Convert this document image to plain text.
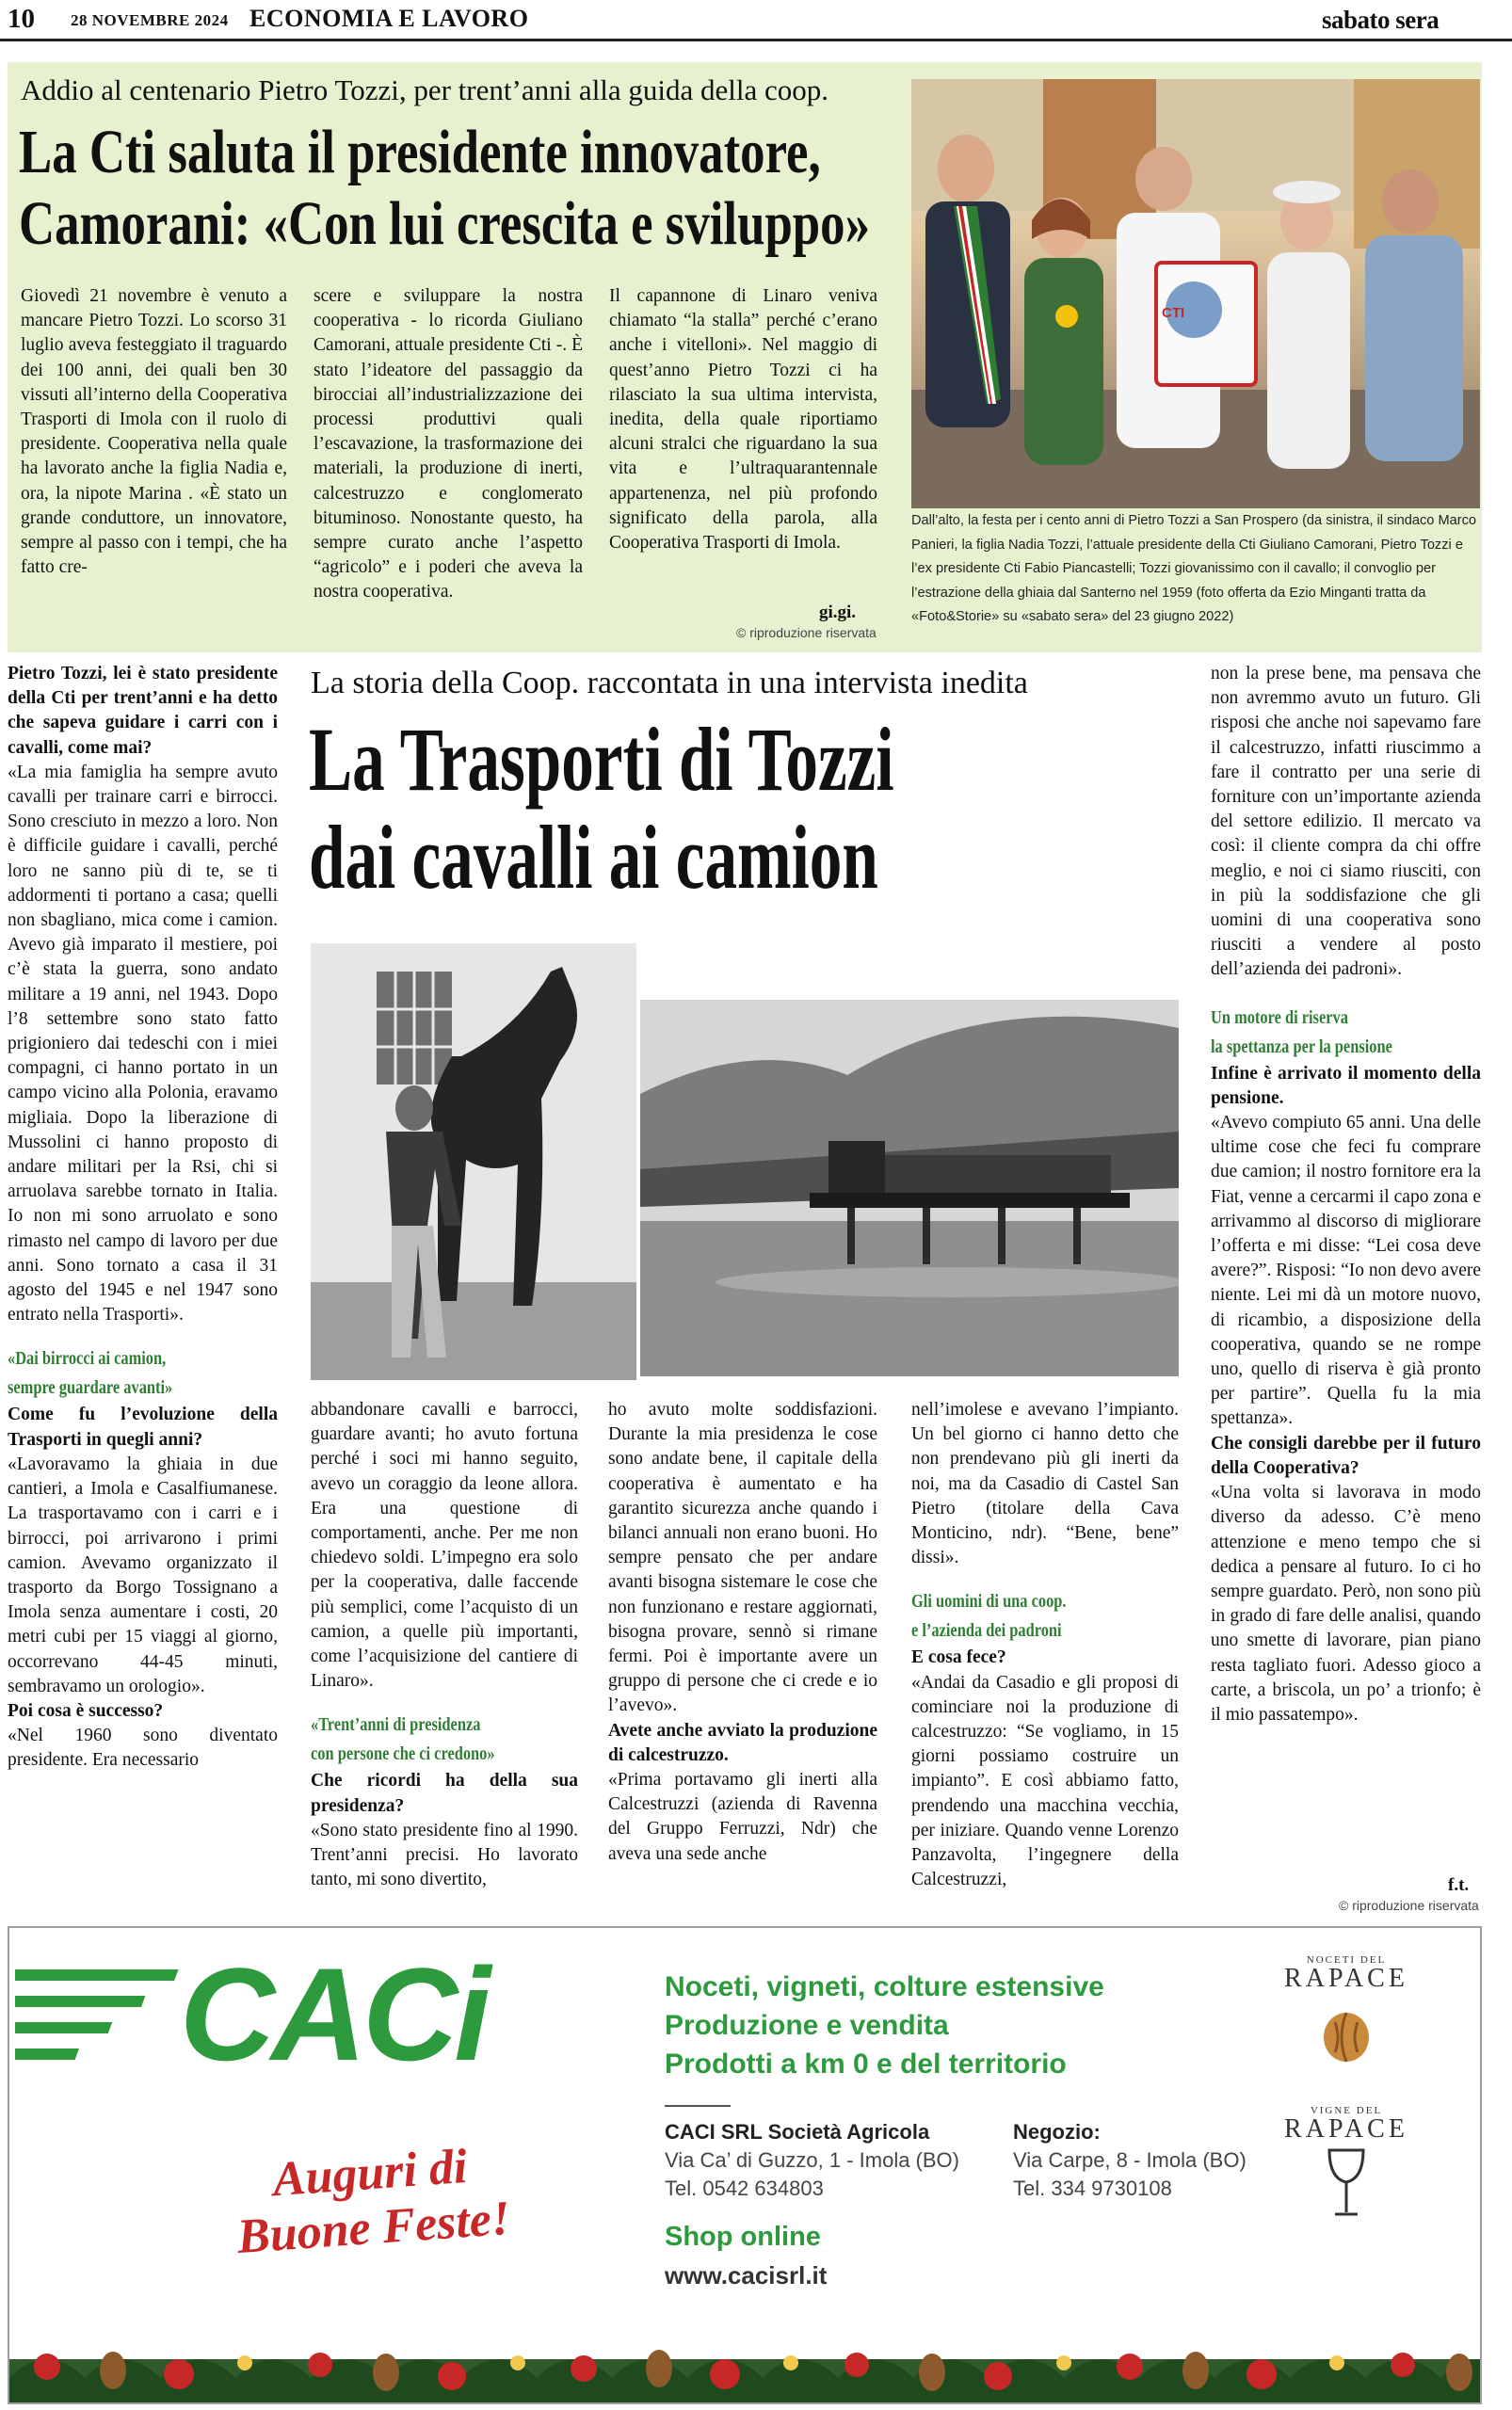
10 28 NOVEMBRE 2024 ECONOMIA E LAVORO	sabato sera
Addio al centenario Pietro Tozzi, per trent’anni alla guida della coop.
La Cti saluta il presidente innovatore,
Camorani: «Con lui crescita e sviluppo»
Giovedì 21 novembre è venuto a mancare Pietro Tozzi. Lo scorso 31 luglio aveva festeggiato il traguardo dei 100 anni, dei quali ben 30 vissuti all’interno della Cooperativa Trasporti di Imola con il ruolo di presidente. Cooperativa nella quale ha lavorato anche la figlia Nadia e, ora, la nipote Marina . «È stato un grande conduttore, un innovatore, sempre al passo con i tempi, che ha fatto cre-
scere e sviluppare la nostra cooperativa - lo ricorda Giuliano Camorani, attuale presidente Cti -. È stato l’ideatore del passaggio da birocciai all’industrializzazione dei processi produttivi quali l’escavazione, la trasformazione dei materiali, la produzione di inerti, calcestruzzo e conglomerato bituminoso. Nonostante questo, ha sempre curato anche l’aspetto “agricolo” e i poderi che aveva la nostra cooperativa.
Il capannone di Linaro veniva chiamato “la stalla” perché c’erano anche i vitelloni». Nel maggio di quest’anno Pietro Tozzi ci ha rilasciato la sua ultima intervista, inedita, della quale riportiamo alcuni stralci che riguardano la sua vita e l’ultraquarantennale appartenenza, nel più profondo significato della parola, alla Cooperativa Trasporti di Imola.
gi.gi.
© riproduzione riservata
CTI
Dall’alto, la festa per i cento anni di Pietro Tozzi a San Prospero (da sinistra, il sindaco Marco Panieri, la figlia Nadia Tozzi, l’attuale presidente della Cti Giuliano Camorani, Pietro Tozzi e l’ex presidente Cti Fabio Piancastelli; Tozzi giovanissimo con il cavallo; il convoglio per l’estrazione della ghiaia dal Santerno nel 1959 (foto offerta da Ezio Minganti tratta da «Foto&Storie» su «sabato sera» del 23 giugno 2022)

Pietro Tozzi, lei è stato presidente della Cti per trent’anni e ha detto che sapeva guidare i carri con i cavalli, come mai?

«La mia famiglia ha sempre avuto cavalli per trainare carri e birrocci. Sono cresciuto in mezzo a loro. Non è difficile guidare i cavalli, perché loro ne sanno più di te, se ti addormenti ti portano a casa; quelli non sbagliano, mica come i camion. Avevo già imparato il mestiere, poi c’è stata la guerra, sono andato militare a 19 anni, nel 1943. Dopo l’8 settembre sono stato fatto prigioniero dai tedeschi con i miei compagni, ci hanno portato in un campo vicino alla Polonia, eravamo migliaia. Dopo la liberazione di Mussolini ci hanno proposto di andare militari per la Rsi, chi si arruolava sarebbe tornato in Italia. Io non mi sono arruolato e sono rimasto nel campo di lavoro per due anni. Sono tornato a casa il 31 agosto del 1945 e nel 1947 sono entrato nella Trasporti».

«Dai birrocci ai camion,
sempre guardare avanti»

Come fu l’evoluzione della Trasporti in quegli anni?

«Lavoravamo la ghiaia in due cantieri, a Imola e Casalfiumanese. La trasportavamo con i carri e i birrocci, poi arrivarono i primi camion. Avevamo organizzato il trasporto da Borgo Tossignano a Imola senza aumentare i costi, 20 metri cubi per 15 viaggi al giorno, occorrevano 44-45 minuti, sembravamo un orologio».

Poi cosa è successo?

«Nel 1960 sono diventato presidente. Era necessario

La storia della Coop. raccontata in una intervista inedita
La Trasporti di Tozzi
dai cavalli ai camion

abbandonare cavalli e barrocci, guardare avanti; ho avuto fortuna perché i soci mi hanno seguito, avevo un coraggio da leone allora. Era una questione di comportamenti, anche. Per me non chiedevo soldi. L’impegno era solo per la cooperativa, dalle faccende più semplici, come l’acquisto di un camion, a quelle più importanti, come l’acquisizione del cantiere di Linaro».

«Trent’anni di presidenza
con persone che ci credono»

Che ricordi ha della sua presidenza?

«Sono stato presidente fino al 1990. Trent’anni precisi. Ho lavorato tanto, mi sono divertito,

ho avuto molte soddisfazioni. Durante la mia presidenza le cose sono andate bene, il capitale della cooperativa è aumentato e ha garantito sicurezza anche quando i bilanci annuali non erano buoni. Ho sempre pensato che per andare avanti bisogna sistemare le cose che non funzionano e restare aggiornati, bisogna provare, sennò si rimane fermi. Poi è importante avere un gruppo di persone che ci crede e io l’avevo».

Avete anche avviato la produzione di calcestruzzo.

«Prima portavamo gli inerti alla Calcestruzzi (azienda di Ravenna del Gruppo Ferruzzi, Ndr) che aveva una sede anche

nell’imolese e avevano l’impianto. Un bel giorno ci hanno detto che non prendevano più gli inerti da noi, ma da Casadio di Castel San Pietro (titolare della Cava Monticino, ndr). “Bene, bene” dissi».

Gli uomini di una coop.
e l’azienda dei padroni

E cosa fece?

«Andai da Casadio e gli proposi di cominciare noi la produzione di calcestruzzo: “Se vogliamo, in 15 giorni possiamo costruire un impianto”. E così abbiamo fatto, prendendo una macchina vecchia, per iniziare. Quando venne Lorenzo Panzavolta, l’ingegnere della Calcestruzzi,

non la prese bene, ma pensava che non avremmo avuto un futuro. Gli risposi che anche noi sapevamo fare il calcestruzzo, infatti riuscimmo a fare il contratto per una serie di forniture con un’importante azienda del settore edilizio. Il mercato va così: il cliente compra da chi offre meglio, e noi ci siamo riusciti, con in più la soddisfazione che gli uomini di una cooperativa sono riusciti a vendere al posto dell’azienda dei padroni».

Un motore di riserva
la spettanza per la pensione

Infine è arrivato il momento della pensione.

«Avevo compiuto 65 anni. Una delle ultime cose che feci fu comprare due camion; il nostro fornitore era la Fiat, venne a cercarmi il capo zona e arrivammo al discorso di migliorare l’offerta e mi disse: “Lei cosa deve avere?”. Risposi: “Io non devo avere niente. Lei mi dà un motore nuovo, di ricambio, a disposizione della cooperativa, quando se ne rompe uno, quello di riserva è già pronto per partire”. Quella fu la mia spettanza».

Che consigli darebbe per il futuro della Cooperativa?

«Una volta si lavorava in modo diverso da adesso. C’è meno attenzione e meno tempo che si dedica a pensare al futuro. Io ci ho sempre guardato. Però, non sono più in grado di fare delle analisi, quando uno smette di lavorare, pian piano resta tagliato fuori. Adesso gioco a carte, a briscola, un po’ a trionfo; è il mio passatempo».

f.t.
© riproduzione riservata
CACi
Auguri di
Buone Feste!
Noceti, vigneti, colture estensive
Produzione e vendita
Prodotti a km 0 e del territorio
CACI SRL Società Agricola
Via Ca’ di Guzzo, 1 - Imola (BO)
Tel. 0542 634803
Negozio:
Via Carpe, 8 - Imola (BO)
Tel. 334 9730108
Shop online
www.cacisrl.it
NOCETI DEL
RAPACE
VIGNE DEL
RAPACE
